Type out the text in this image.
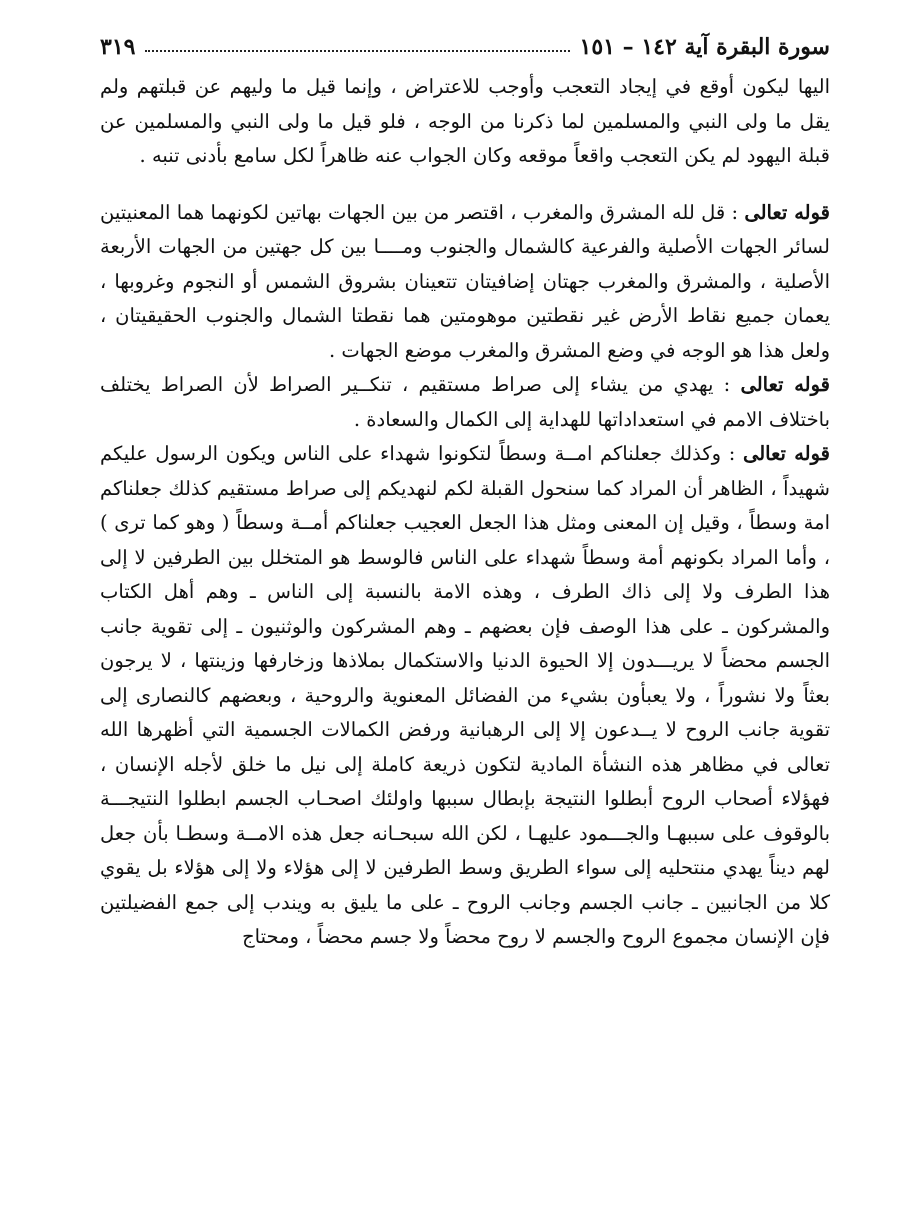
سورة البقرة آية ١٤٢ – ١٥١
٣١٩

اليها ليكون أوقع في إيجاد التعجب وأوجب للاعتراض ، وإنما قيل ما وليهم عن قبلتهم ولم يقل ما ولى النبي والمسلمين لما ذكرنا من الوجه ، فلو قيل ما ولى النبي والمسلمين عن قبلة اليهود لم يكن التعجب واقعاً موقعه وكان الجواب عنه ظاهراً لكل سامع بأدنى تنبه .

قوله تعالى : قل لله المشرق والمغرب ، اقتصر من بين الجهات بهاتين لكونهما هما المعنيتين لسائر الجهات الأصلية والفرعية كالشمال والجنوب ومــــا بين كل جهتين من الجهات الأربعة الأصلية ، والمشرق والمغرب جهتان إضافيتان تتعينان بشروق الشمس أو النجوم وغروبها ، يعمان جميع نقاط الأرض غير نقطتين موهومتين هما نقطتا الشمال والجنوب الحقيقيتان ، ولعل هذا هو الوجه في وضع المشرق والمغرب موضع الجهات .

قوله تعالى : يهدي من يشاء إلى صراط مستقيم ، تنكــير الصراط لأن الصراط يختلف باختلاف الامم في استعداداتها للهداية إلى الكمال والسعادة .

قوله تعالى : وكذلك جعلناكم امــة وسطاً لتكونوا شهداء على الناس ويكون الرسول عليكم شهيداً ، الظاهر أن المراد كما سنحول القبلة لكم لنهديكم إلى صراط مستقيم كذلك جعلناكم امة وسطاً ، وقيل إن المعنى ومثل هذا الجعل العجيب جعلناكم أمــة وسطاً ( وهو كما ترى ) ، وأما المراد بكونهم أمة وسطاً شهداء على الناس فالوسط هو المتخلل بين الطرفين لا إلى هذا الطرف ولا إلى ذاك الطرف ، وهذه الامة بالنسبة إلى الناس ـ وهم أهل الكتاب والمشركون ـ على هذا الوصف فإن بعضهم ـ وهم المشركون والوثنيون ـ إلى تقوية جانب الجسم محضاً لا يريـــدون إلا الحيوة الدنيا والاستكمال بملاذها وزخارفها وزينتها ، لا يرجون بعثاً ولا نشوراً ، ولا يعبأون بشيء من الفضائل المعنوية والروحية ، وبعضهم كالنصارى إلى تقوية جانب الروح لا يــدعون إلا إلى الرهبانية ورفض الكمالات الجسمية التي أظهرها الله تعالى في مظاهر هذه النشأة المادية لتكون ذريعة كاملة إلى نيل ما خلق لأجله الإنسان ، فهؤلاء أصحاب الروح أبطلوا النتيجة بإبطال سببها واولئك اصحـاب الجسم ابطلوا النتيجـــة بالوقوف على سببهـا والجـــمود عليهـا ، لكن الله سبحـانه جعل هذه الامــة وسطـا بأن جعل لهم ديناً يهدي منتحليه إلى سواء الطريق وسط الطرفين لا إلى هؤلاء ولا إلى هؤلاء بل يقوي كلا من الجانبين ـ جانب الجسم وجانب الروح ـ على ما يليق به ويندب إلى جمع الفضيلتين فإن الإنسان مجموع الروح والجسم لا روح محضاً ولا جسم محضاً ، ومحتاج
